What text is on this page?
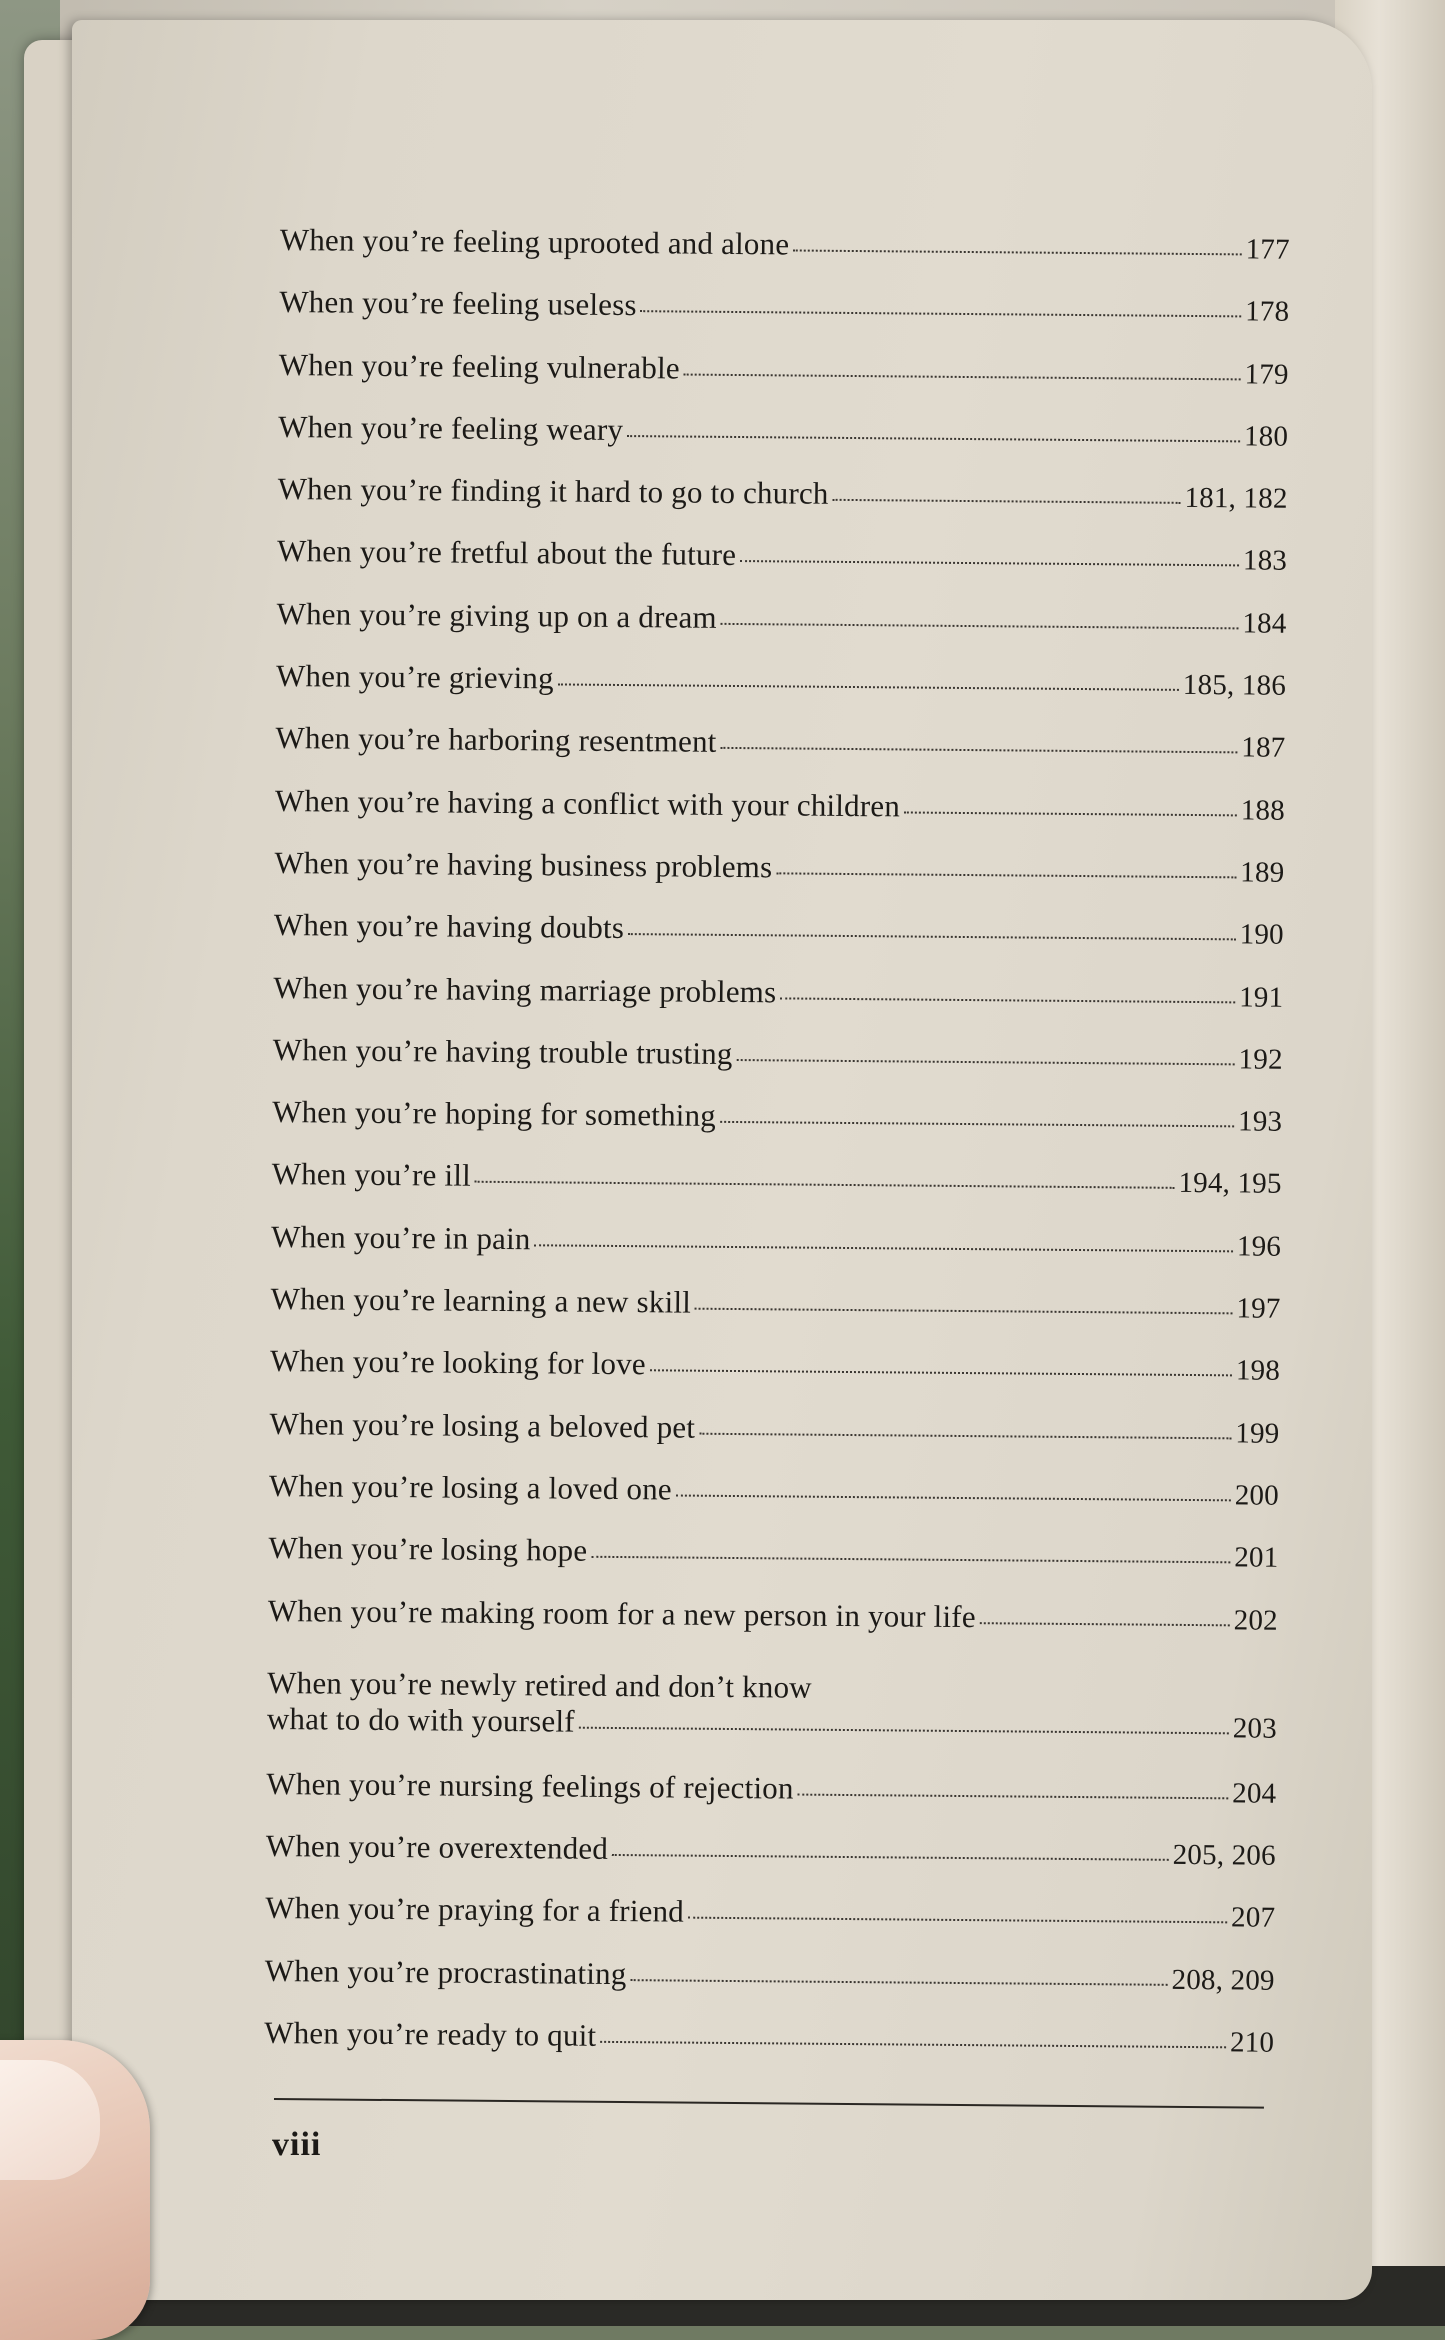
When you’re feeling uprooted and alone	177
When you’re feeling useless	178
When you’re feeling vulnerable	179
When you’re feeling weary	180
When you’re finding it hard to go to church	181, 182
When you’re fretful about the future	183
When you’re giving up on a dream	184
When you’re grieving	185, 186
When you’re harboring resentment	187
When you’re having a conflict with your children	188
When you’re having business problems	189
When you’re having doubts	190
When you’re having marriage problems	191
When you’re having trouble trusting	192
When you’re hoping for something	193
When you’re ill	194, 195
When you’re in pain	196
When you’re learning a new skill	197
When you’re looking for love	198
When you’re losing a beloved pet	199
When you’re losing a loved one	200
When you’re losing hope	201
When you’re making room for a new person in your life	202
When you’re newly retired and don’t know
what to do with yourself	203
When you’re nursing feelings of rejection	204
When you’re overextended	205, 206
When you’re praying for a friend	207
When you’re procrastinating	208, 209
When you’re ready to quit	210
viii
